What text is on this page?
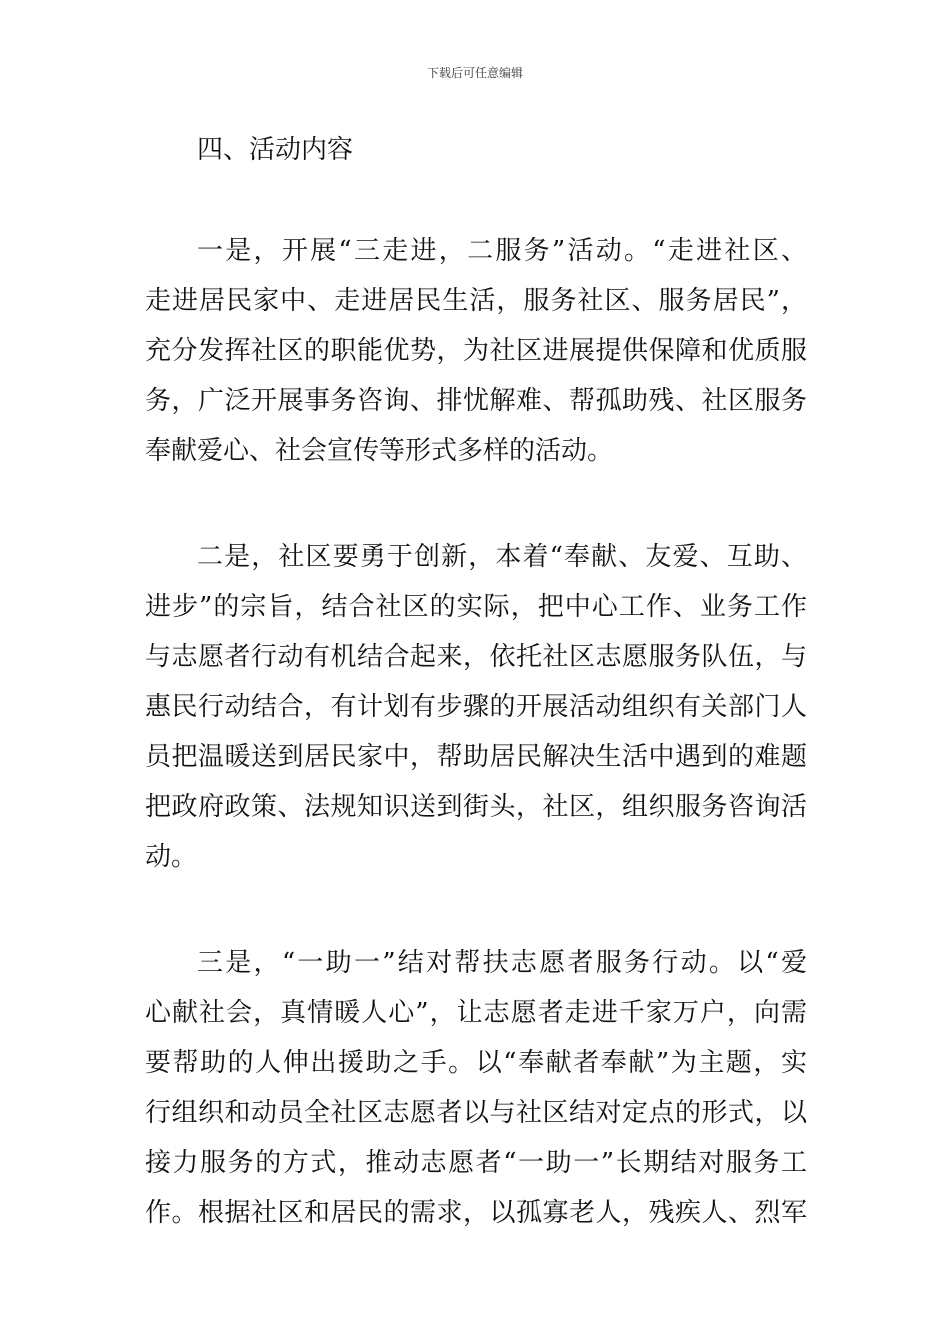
下载后可任意编辑
四、活动内容
一是，开展“三走进，二服务”活动。“走进社区、
走进居民家中、走进居民生活，服务社区、服务居民”，
充分发挥社区的职能优势，为社区进展提供保障和优质服
务，广泛开展事务咨询、排忧解难、帮孤助残、社区服务
奉献爱心、社会宣传等形式多样的活动。
二是，社区要勇于创新，本着“奉献、友爱、互助、
进步”的宗旨，结合社区的实际，把中心工作、业务工作
与志愿者行动有机结合起来，依托社区志愿服务队伍，与
惠民行动结合，有计划有步骤的开展活动组织有关部门人
员把温暖送到居民家中，帮助居民解决生活中遇到的难题
把政府政策、法规知识送到街头，社区，组织服务咨询活
动。
三是，“一助一”结对帮扶志愿者服务行动。以“爱
心献社会，真情暖人心”，让志愿者走进千家万户，向需
要帮助的人伸出援助之手。以“奉献者奉献”为主题，实
行组织和动员全社区志愿者以与社区结对定点的形式，以
接力服务的方式，推动志愿者“一助一”长期结对服务工
作。根据社区和居民的需求，以孤寡老人，残疾人、烈军
